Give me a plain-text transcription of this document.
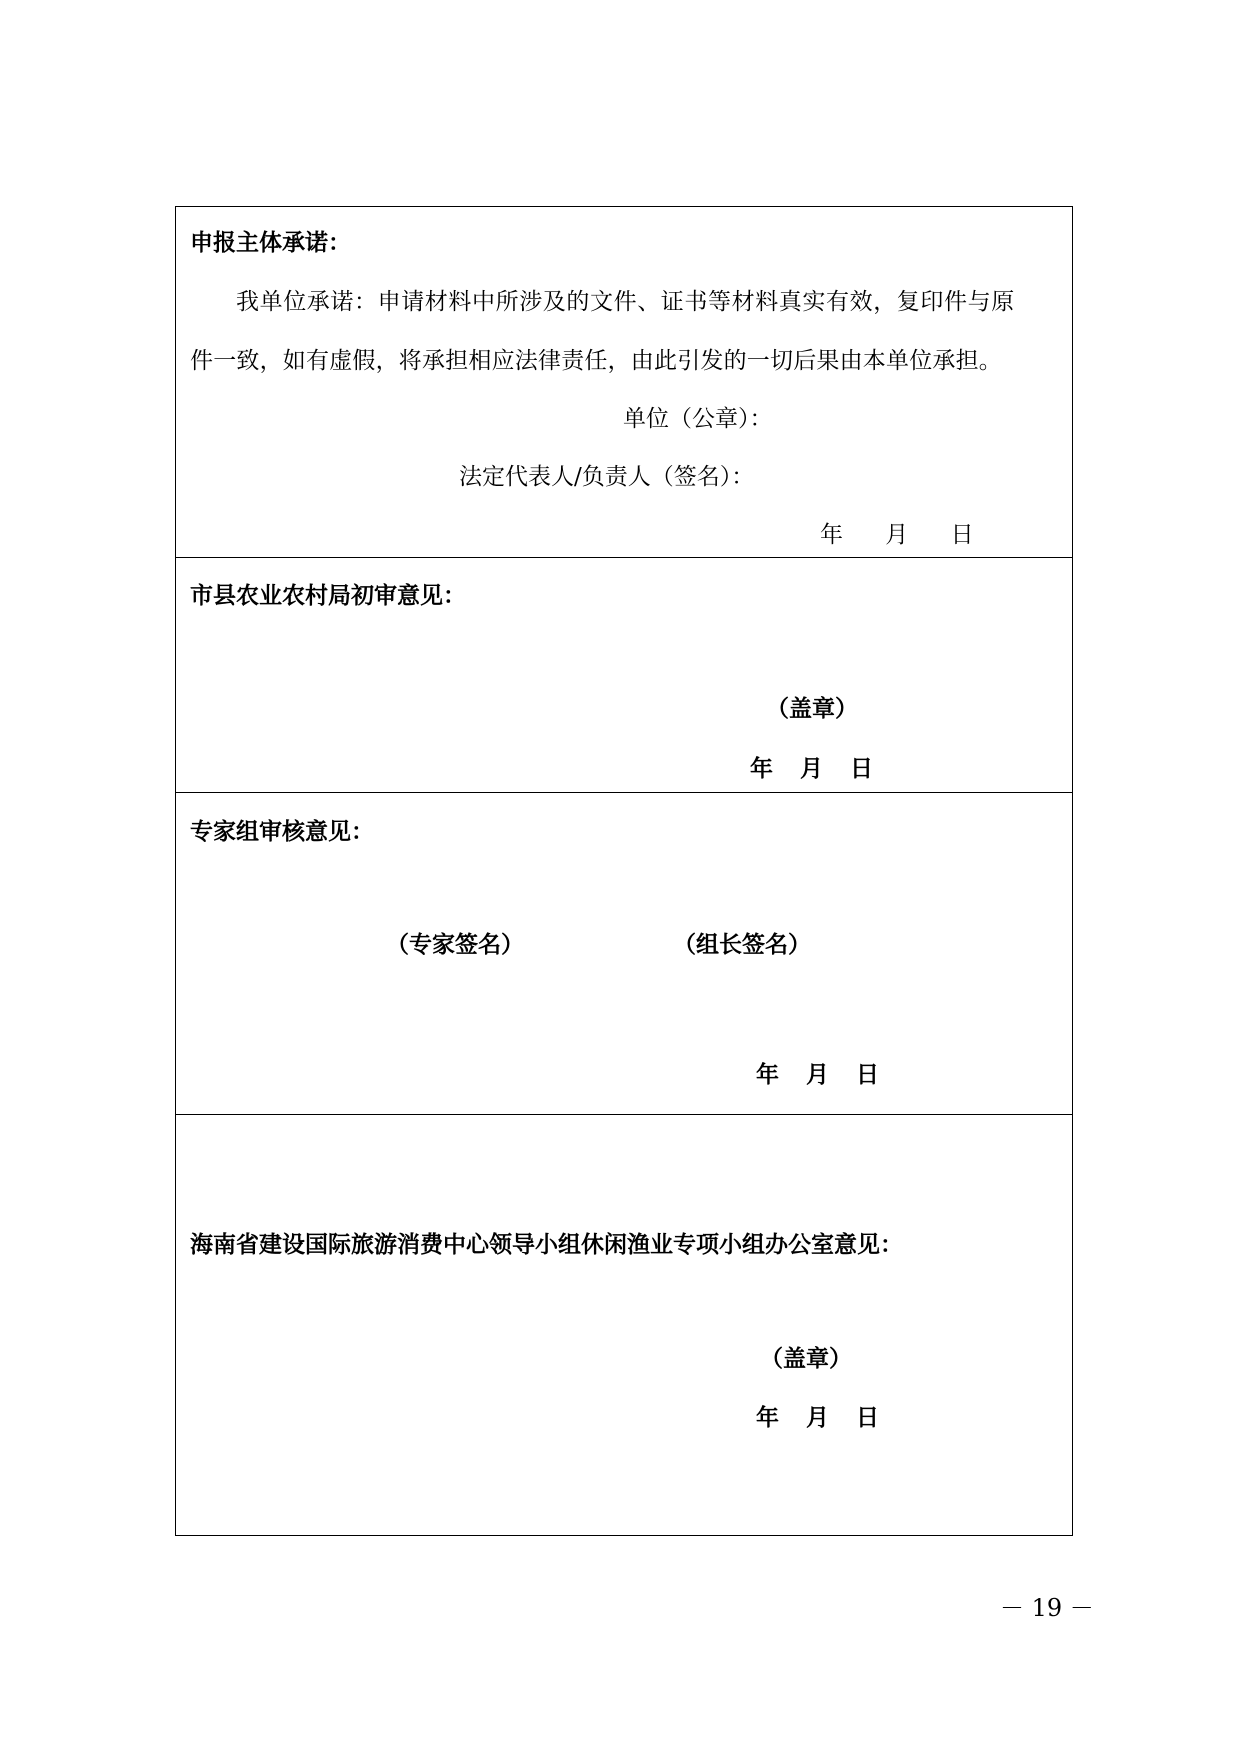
申报主体承诺：
我单位承诺：申请材料中所涉及的文件、证书等材料真实有效，复印件与原
件一致，如有虚假，将承担相应法律责任，由此引发的一切后果由本单位承担。
单位（公章）：
法定代表人/负责人（签名）：
年　 月　 日
市县农业农村局初审意见：
（盖章）
年　月　日
专家组审核意见：
（专家签名）	（组长签名）
年　月　日
海南省建设国际旅游消费中心领导小组休闲渔业专项小组办公室意见：
（盖章）
年　月　日
－ 19 －
